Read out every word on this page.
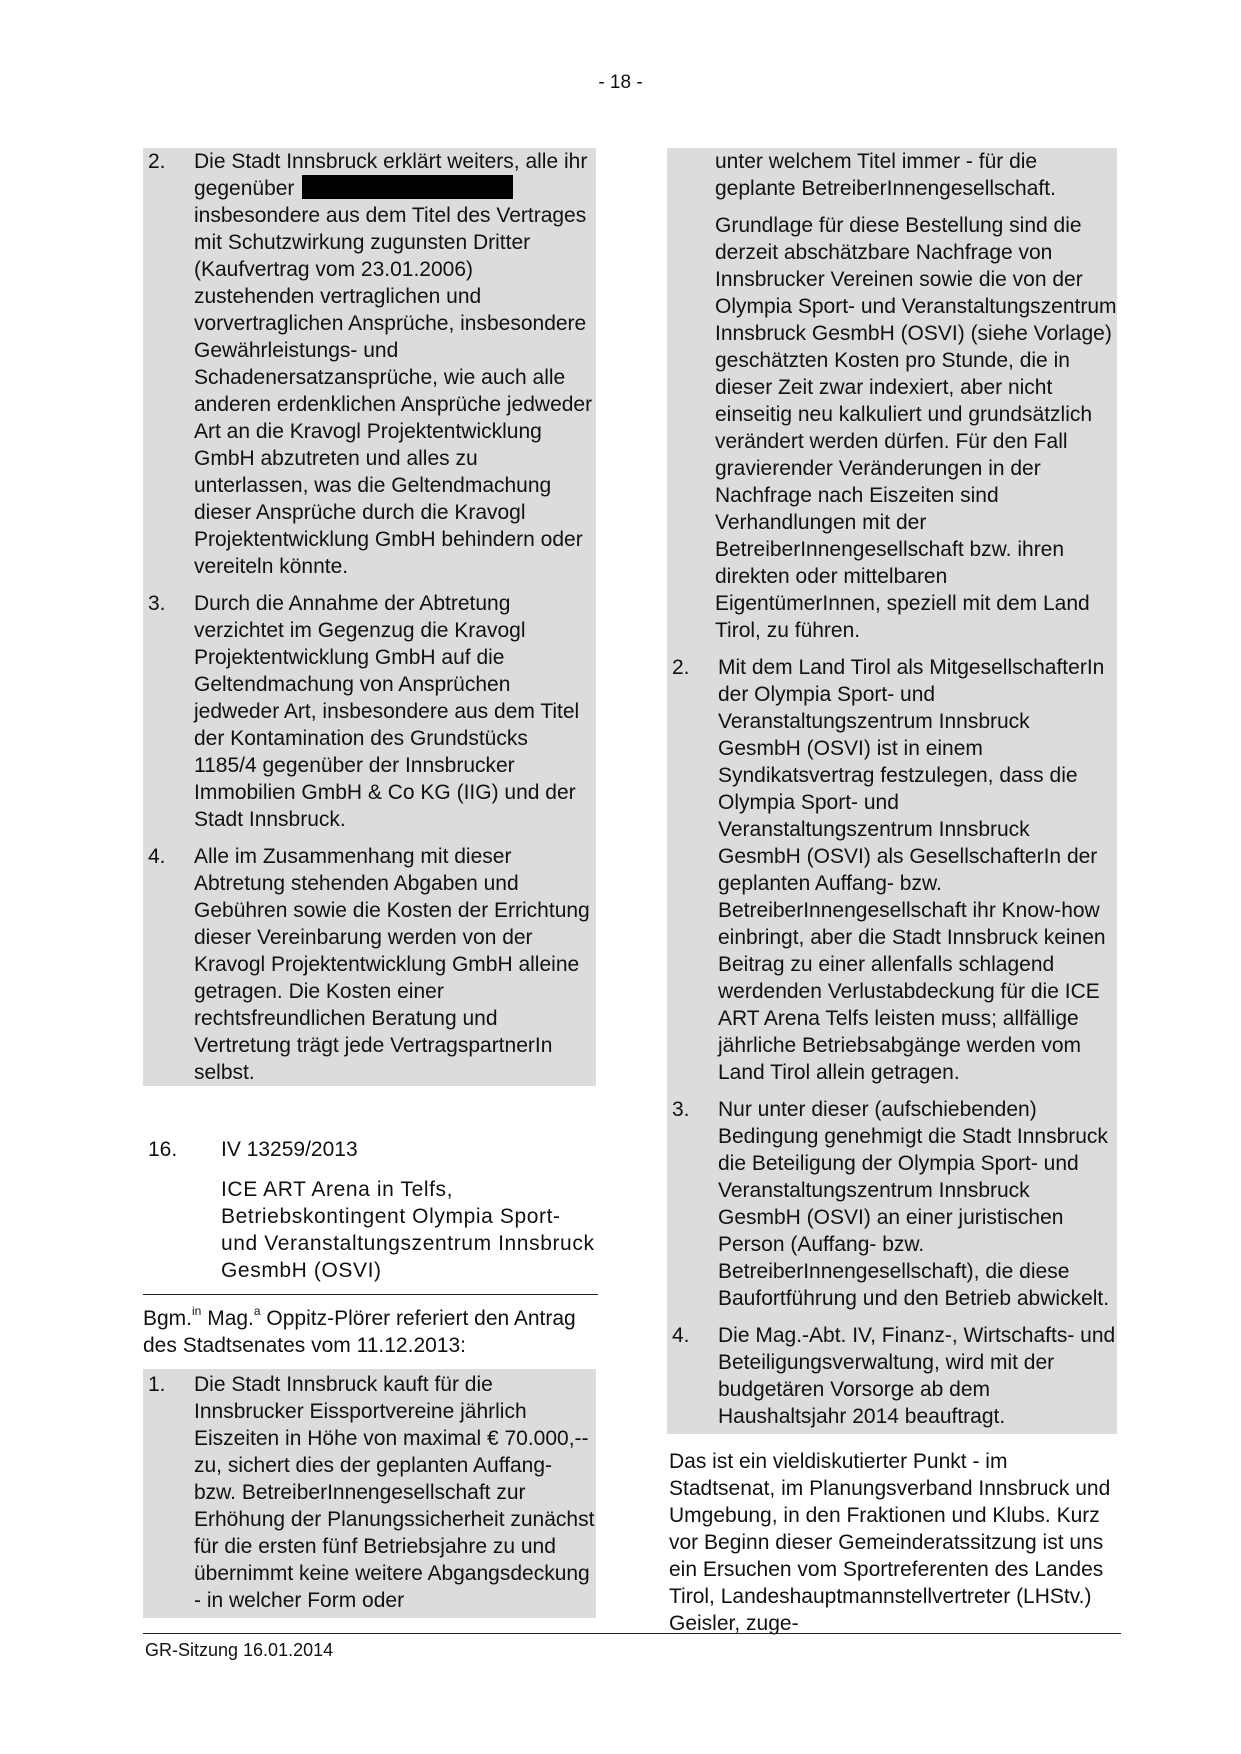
- 18 -
2. Die Stadt Innsbruck erklärt weiters, alle ihr gegenüber insbesondere aus dem Titel des Vertrages mit Schutzwirkung zugunsten Dritter (Kaufvertrag vom 23.01.2006) zustehenden vertraglichen und vorvertraglichen Ansprüche, insbesondere Gewährleistungs- und Schadenersatzansprüche, wie auch alle anderen erdenklichen Ansprüche jedweder Art an die Kravogl Projektentwicklung GmbH abzutreten und alles zu unterlassen, was die Geltendmachung dieser Ansprüche durch die Kravogl Projektentwicklung GmbH behindern oder vereiteln könnte.
3. Durch die Annahme der Abtretung verzichtet im Gegenzug die Kravogl Projektentwicklung GmbH auf die Geltendmachung von Ansprüchen jedweder Art, insbesondere aus dem Titel der Kontamination des Grundstücks 1185/4 gegenüber der Innsbrucker Immobilien GmbH & Co KG (IIG) und der Stadt Innsbruck.
4. Alle im Zusammenhang mit dieser Abtretung stehenden Abgaben und Gebühren sowie die Kosten der Errichtung dieser Vereinbarung werden von der Kravogl Projektentwicklung GmbH alleine getragen. Die Kosten einer rechtsfreundlichen Beratung und Vertretung trägt jede VertragspartnerIn selbst.
16. IV 13259/2013
ICE ART Arena in Telfs, Betriebskontingent Olympia Sport- und Veranstaltungszentrum Innsbruck GesmbH (OSVI)
Bgm.$^{in}$ Mag.$^a$ Oppitz-Plörer referiert den Antrag des Stadtsenates vom 11.12.2013:
1. Die Stadt Innsbruck kauft für die Innsbrucker Eissportvereine jährlich Eiszeiten in Höhe von maximal € 70.000,-- zu, sichert dies der geplanten Auffang- bzw. BetreiberInnengesellschaft zur Erhöhung der Planungssicherheit zunächst für die ersten fünf Betriebsjahre zu und übernimmt keine weitere Abgangsdeckung - in welcher Form oder

unter welchem Titel immer - für die geplante BetreiberInnengesellschaft.

Grundlage für diese Bestellung sind die derzeit abschätzbare Nachfrage von Innsbrucker Vereinen sowie die von der Olympia Sport- und Veranstaltungszentrum Innsbruck GesmbH (OSVI) (siehe Vorlage) geschätzten Kosten pro Stunde, die in dieser Zeit zwar indexiert, aber nicht einseitig neu kalkuliert und grundsätzlich verändert werden dürfen. Für den Fall gravierender Veränderungen in der Nachfrage nach Eiszeiten sind Verhandlungen mit der BetreiberInnengesellschaft bzw. ihren direkten oder mittelbaren EigentümerInnen, speziell mit dem Land Tirol, zu führen.

2. Mit dem Land Tirol als MitgesellschafterIn der Olympia Sport- und Veranstaltungszentrum Innsbruck GesmbH (OSVI) ist in einem Syndikatsvertrag festzulegen, dass die Olympia Sport- und Veranstaltungszentrum Innsbruck GesmbH (OSVI) als GesellschafterIn der geplanten Auffang- bzw. BetreiberInnengesellschaft ihr Know-how einbringt, aber die Stadt Innsbruck keinen Beitrag zu einer allenfalls schlagend werdenden Verlustabdeckung für die ICE ART Arena Telfs leisten muss; allfällige jährliche Betriebsabgänge werden vom Land Tirol allein getragen.
3. Nur unter dieser (aufschiebenden) Bedingung genehmigt die Stadt Innsbruck die Beteiligung der Olympia Sport- und Veranstaltungszentrum Innsbruck GesmbH (OSVI) an einer juristischen Person (Auffang- bzw. BetreiberInnengesellschaft), die diese Baufortführung und den Betrieb abwickelt.
4. Die Mag.-Abt. IV, Finanz-, Wirtschafts- und Beteiligungsverwaltung, wird mit der budgetären Vorsorge ab dem Haushaltsjahr 2014 beauftragt.

Das ist ein vieldiskutierter Punkt - im Stadtsenat, im Planungsverband Innsbruck und Umgebung, in den Fraktionen und Klubs. Kurz vor Beginn dieser Gemeinderatssitzung ist uns ein Ersuchen vom Sportreferenten des Landes Tirol, Landeshauptmannstellvertreter (LHStv.) Geisler, zuge-

GR-Sitzung 16.01.2014
